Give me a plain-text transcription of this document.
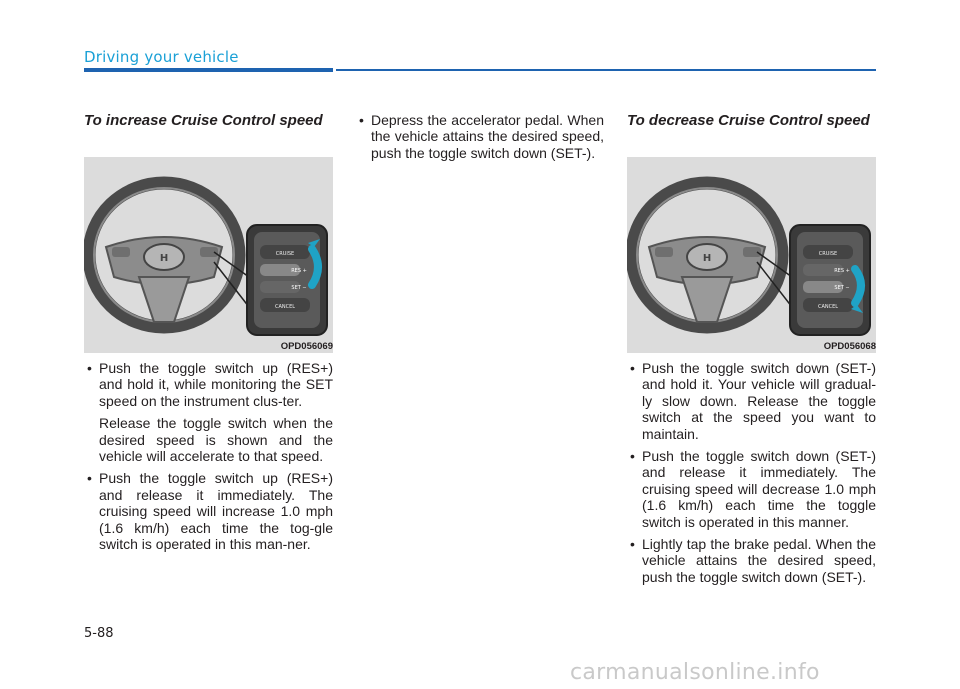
Driving your vehicle
To increase Cruise Control speed
H	CRUISE
RES +
SET −
CANCEL
OPD056069

• Push the toggle switch up (RES+) and hold it, while monitoring the SET speed on the instrument clus-ter.

Release the toggle switch when the desired speed is shown and the vehicle will accelerate to that speed.

• Push the toggle switch up (RES+) and release it immediately. The cruising speed will increase 1.0 mph (1.6 km/h) each time the tog-gle switch is operated in this man-ner.

• Depress the accelerator pedal. When the vehicle attains the desired speed, push the toggle switch down (SET-).

To decrease Cruise Control speed
H	CRUISE
RES +
SET −
CANCEL
OPD056068

• Push the toggle switch down (SET-) and hold it. Your vehicle will gradual-ly slow down. Release the toggle switch at the speed you want to maintain.

• Push the toggle switch down (SET-) and release it immediately. The cruising speed will decrease 1.0 mph (1.6 km/h) each time the toggle switch is operated in this manner.

• Lightly tap the brake pedal. When the vehicle attains the desired speed, push the toggle switch down (SET-).

5-88
carmanualsonline.info
